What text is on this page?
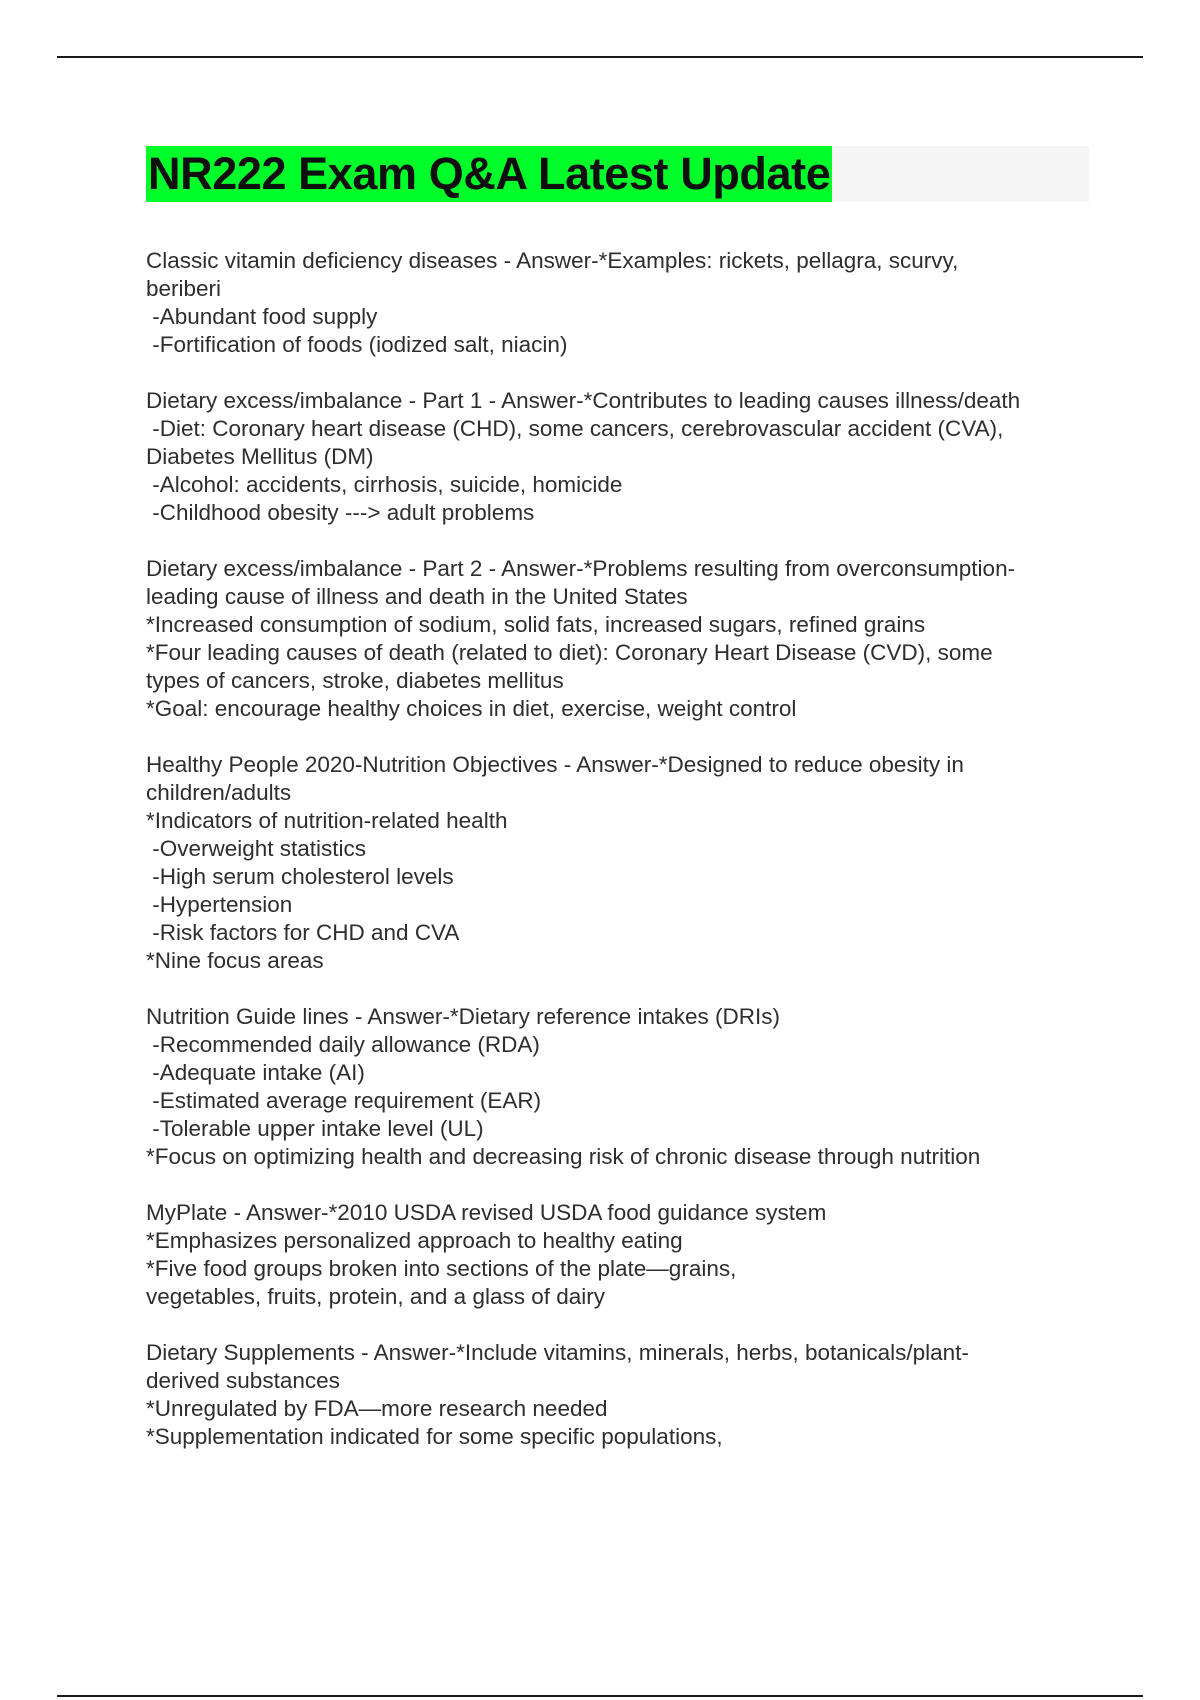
NR222 Exam Q&A Latest Update
Classic vitamin deficiency diseases - Answer-*Examples: rickets, pellagra, scurvy,
beriberi
-Abundant food supply
-Fortification of foods (iodized salt, niacin)
Dietary excess/imbalance - Part 1 - Answer-*Contributes to leading causes illness/death
-Diet: Coronary heart disease (CHD), some cancers, cerebrovascular accident (CVA),
Diabetes Mellitus (DM)
-Alcohol: accidents, cirrhosis, suicide, homicide
-Childhood obesity ---> adult problems
Dietary excess/imbalance - Part 2 - Answer-*Problems resulting from overconsumption-
leading cause of illness and death in the United States
*Increased consumption of sodium, solid fats, increased sugars, refined grains
*Four leading causes of death (related to diet): Coronary Heart Disease (CVD), some
types of cancers, stroke, diabetes mellitus
*Goal: encourage healthy choices in diet, exercise, weight control
Healthy People 2020-Nutrition Objectives - Answer-*Designed to reduce obesity in
children/adults
*Indicators of nutrition-related health
-Overweight statistics
-High serum cholesterol levels
-Hypertension
-Risk factors for CHD and CVA
*Nine focus areas
Nutrition Guide lines - Answer-*Dietary reference intakes (DRIs)
-Recommended daily allowance (RDA)
-Adequate intake (AI)
-Estimated average requirement (EAR)
-Tolerable upper intake level (UL)
*Focus on optimizing health and decreasing risk of chronic disease through nutrition
MyPlate - Answer-*2010 USDA revised USDA food guidance system
*Emphasizes personalized approach to healthy eating
*Five food groups broken into sections of the plate—grains,
vegetables, fruits, protein, and a glass of dairy
Dietary Supplements - Answer-*Include vitamins, minerals, herbs, botanicals/plant-
derived substances
*Unregulated by FDA—more research needed
*Supplementation indicated for some specific populations,
